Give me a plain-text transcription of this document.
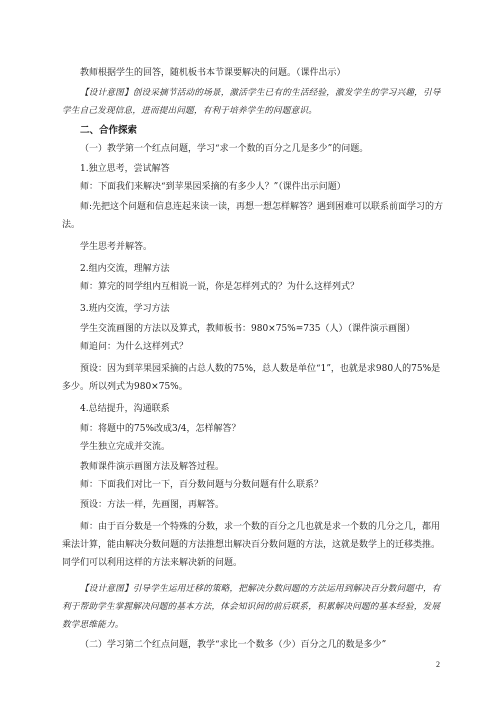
教师根据学生的回答，随机板书本节课要解决的问题。（课件出示）

【设计意图】创设采摘节活动的场景，激活学生已有的生活经验，激发学生的学习兴趣，引导学生自己发现信息，进而提出问题，有利于培养学生的问题意识。

二、合作探索

（一）教学第一个红点问题，学习“求一个数的百分之几是多少”的问题。

1.独立思考，尝试解答

师：下面我们来解决“到苹果园采摘的有多少人？”（课件出示问题）

师:先把这个问题和信息连起来读一读，再想一想怎样解答？遇到困难可以联系前面学习的方法。

学生思考并解答。

2.组内交流，理解方法

师：算完的同学组内互相说一说，你是怎样列式的？为什么这样列式？

3.班内交流，学习方法

学生交流画图的方法以及算式，教师板书：980×75%=735（人）（课件演示画图）

师追问：为什么这样列式？

预设：因为到苹果园采摘的占总人数的75%，总人数是单位“1”，也就是求980人的75%是多少。所以列式为980×75%。

4.总结提升，沟通联系

师：将题中的75%改成3/4，怎样解答？

学生独立完成并交流。

教师课件演示画图方法及解答过程。

师：下面我们对比一下，百分数问题与分数问题有什么联系？

预设：方法一样，先画图，再解答。

师：由于百分数是一个特殊的分数，求一个数的百分之几也就是求一个数的几分之几，都用乘法计算，能由解决分数问题的方法推想出解决百分数问题的方法，这就是数学上的迁移类推。同学们可以利用这样的方法来解决新的问题。

【设计意图】引导学生运用迁移的策略，把解决分数问题的方法运用到解决百分数问题中，有利于帮助学生掌握解决问题的基本方法，体会知识间的前后联系，积累解决问题的基本经验，发展数学思维能力。

（二）学习第二个红点问题，教学“求比一个数多（少）百分之几的数是多少”

2
